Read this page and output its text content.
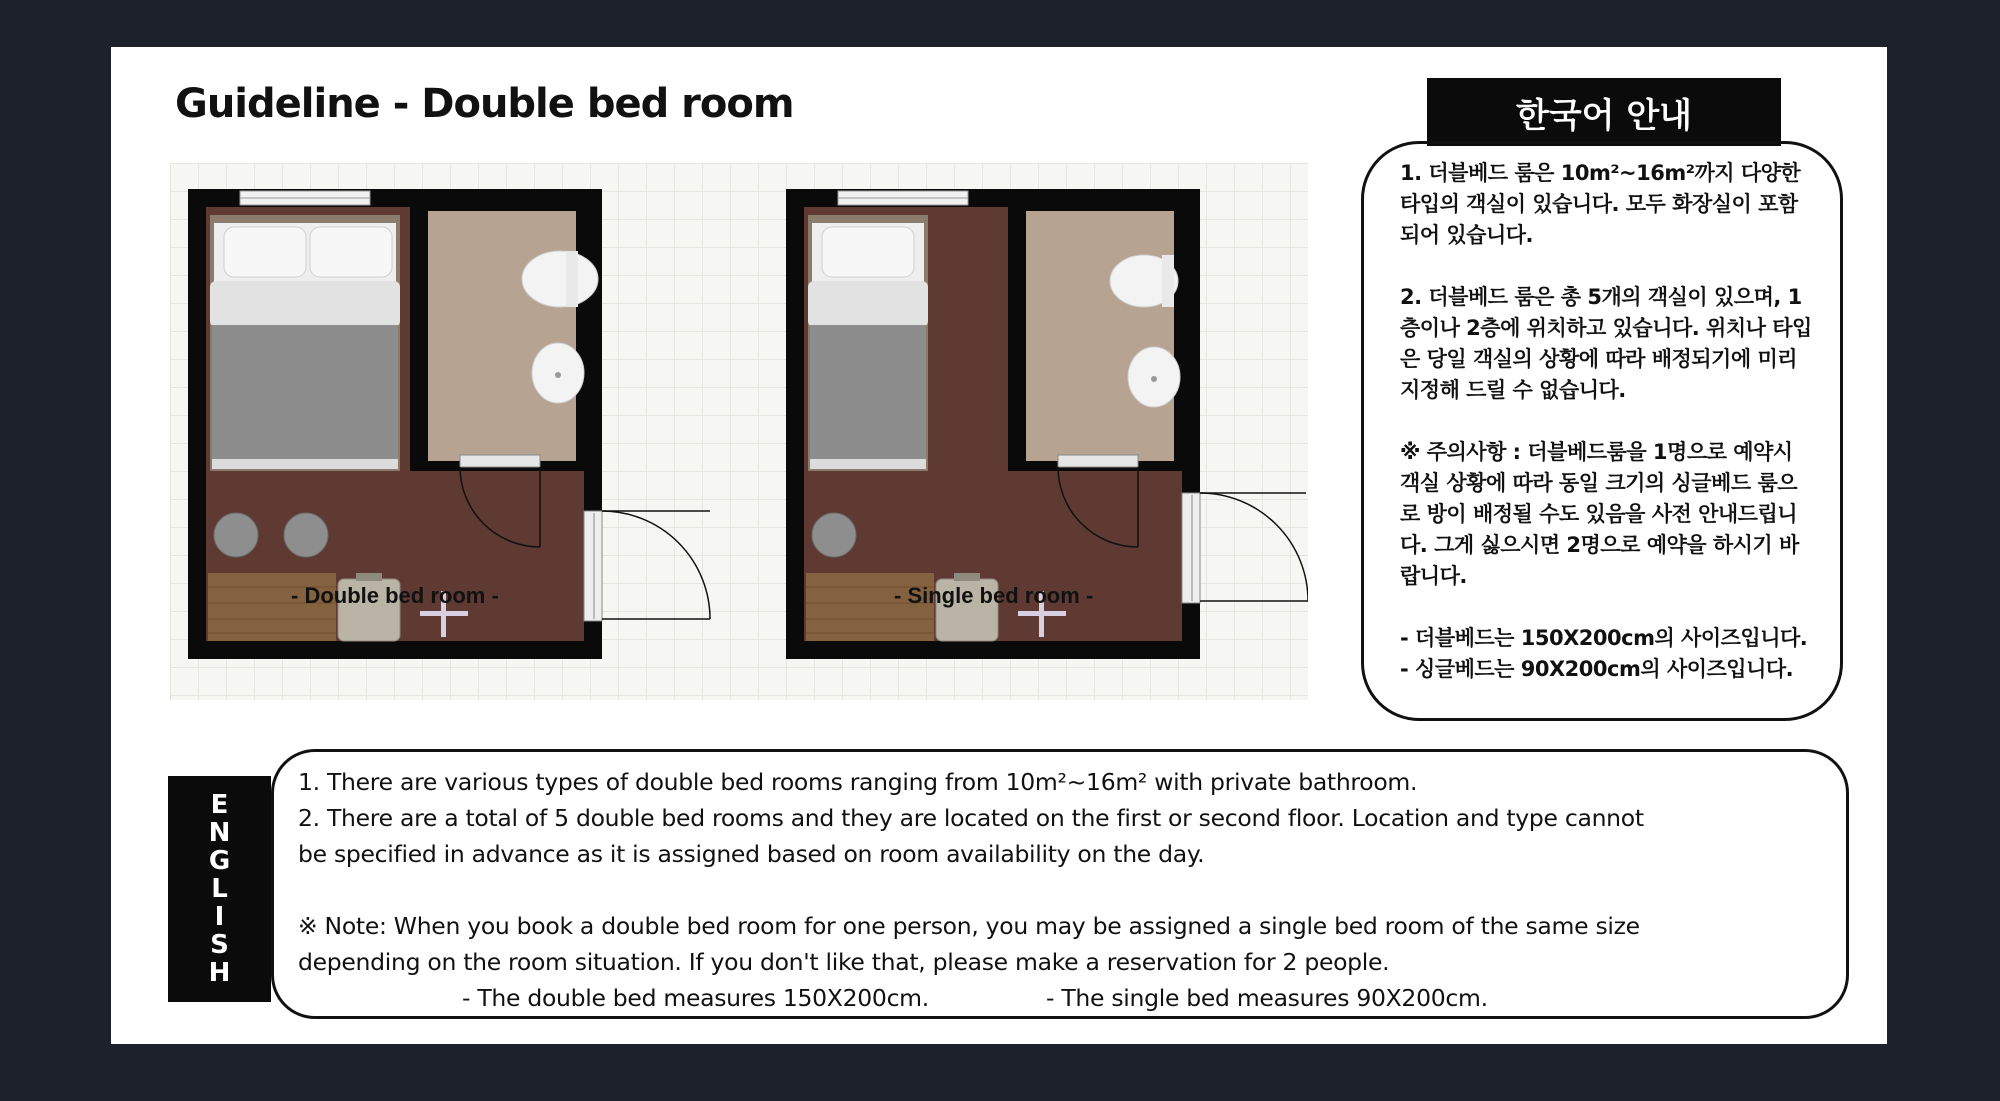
Guideline - Double bed room
- Double bed room -	- Single bed room -
한국어 안내

1. 더블베드 룸은 10m²~16m²까지 다양한 타입의 객실이 있습니다. 모두 화장실이 포함되어 있습니다.

2. 더블베드 룸은 총 5개의 객실이 있으며, 1층이나 2층에 위치하고 있습니다. 위치나 타입은 당일 객실의 상황에 따라 배정되기에 미리 지정해 드릴 수 없습니다.

※ 주의사항 : 더블베드룸을 1명으로 예약시 객실 상황에 따라 동일 크기의 싱글베드 룸으로 방이 배정될 수도 있음을 사전 안내드립니다. 그게 싫으시면 2명으로 예약을 하시기 바랍니다.

- 더블베드는 150X200cm의 사이즈입니다.

- 싱글베드는 90X200cm의 사이즈입니다.

E
N
G
L
I
S
H

1. There are various types of double bed rooms ranging from 10m²~16m² with private bathroom.

2. There are a total of 5 double bed rooms and they are located on the first or second floor. Location and type cannot

be specified in advance as it is assigned based on room availability on the day.

※ Note: When you book a double bed room for one person, you may be assigned a single bed room of the same size

depending on the room situation. If you don't like that, please make a reservation for 2 people.

- The double bed measures 150X200cm.	- The single bed measures 90X200cm.
